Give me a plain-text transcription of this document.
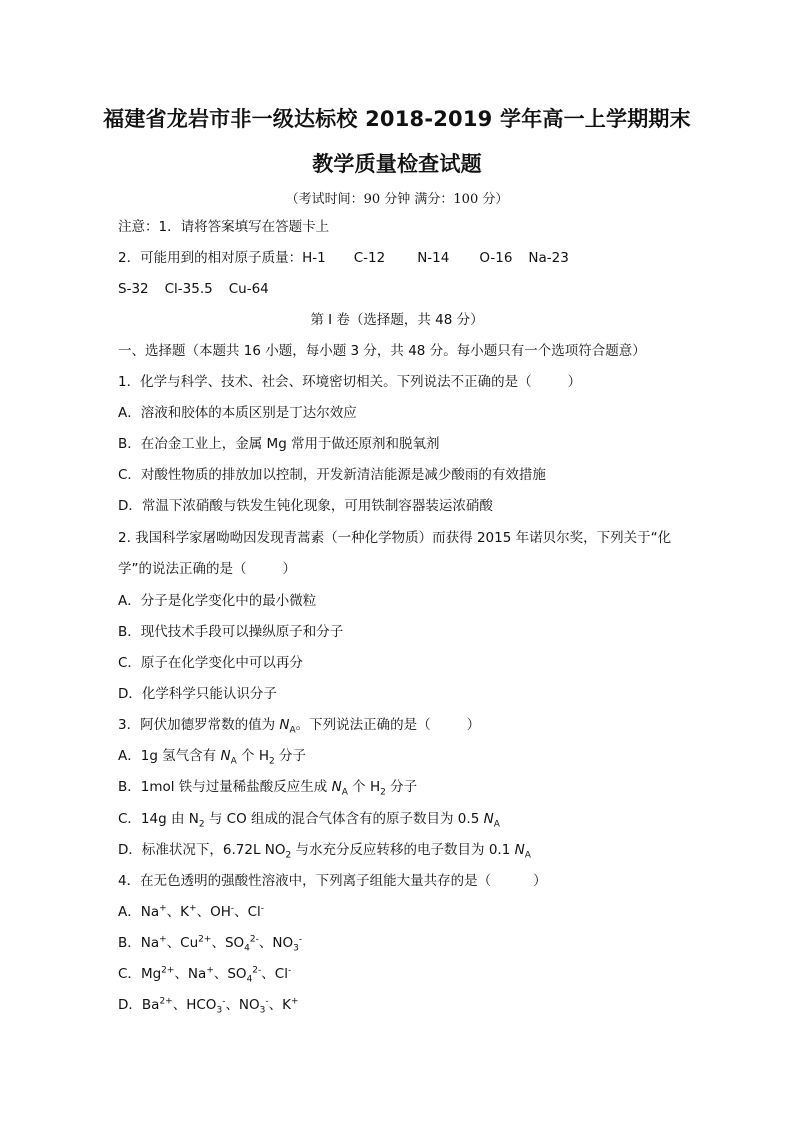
福建省龙岩市非一级达标校 2018-2019 学年高一上学期期末
教学质量检查试题
（考试时间：90 分钟 满分：100 分）
注意：1．请将答案填写在答题卡上
2．可能用到的相对原子质量：H-1 C-12 N-14 O-16 Na-23
S-32 Cl-35.5 Cu-64
第 I 卷（选择题，共 48 分）
一、选择题（本题共 16 小题，每小题 3 分，共 48 分。每小题只有一个选项符合题意）
1．化学与科学、技术、社会、环境密切相关。下列说法不正确的是（	）
A．溶液和胶体的本质区别是丁达尔效应
B．在冶金工业上，金属 Mg 常用于做还原剂和脱氧剂
C．对酸性物质的排放加以控制，开发新清洁能源是减少酸雨的有效措施
D．常温下浓硝酸与铁发生钝化现象，可用铁制容器装运浓硝酸
2. 我国科学家屠呦呦因发现青蒿素（一种化学物质）而获得 2015 年诺贝尔奖，下列关于“化
学”的说法正确的是（	）
A．分子是化学变化中的最小微粒
B．现代技术手段可以操纵原子和分子
C．原子在化学变化中可以再分
D．化学科学只能认识分子
3．阿伏加德罗常数的值为 $N_A$。下列说法正确的是（	）
A．1g 氢气含有 $N_A$ 个 $H_2$ 分子
B．1mol 铁与过量稀盐酸反应生成 $N_A$ 个 $H_2$ 分子
C．14g 由 $N_2$ 与 CO 组成的混合气体含有的原子数目为 0.5 $N_A$
D．标准状况下，6.72L $NO_2$ 与水充分反应转移的电子数目为 0.1 $N_A$
4．在无色透明的强酸性溶液中，下列离子组能大量共存的是（	）
A．Na+、K+、OH-、Cl-
B．Na+、$Cu^{2+}$、$SO_4^{2-}$、$NO_3^-$
C．$Mg^{2+}$、Na+、$SO_4^{2-}$、Cl-
D．$Ba^{2+}$、$HCO_3^-$、$NO_3^-$、K+
